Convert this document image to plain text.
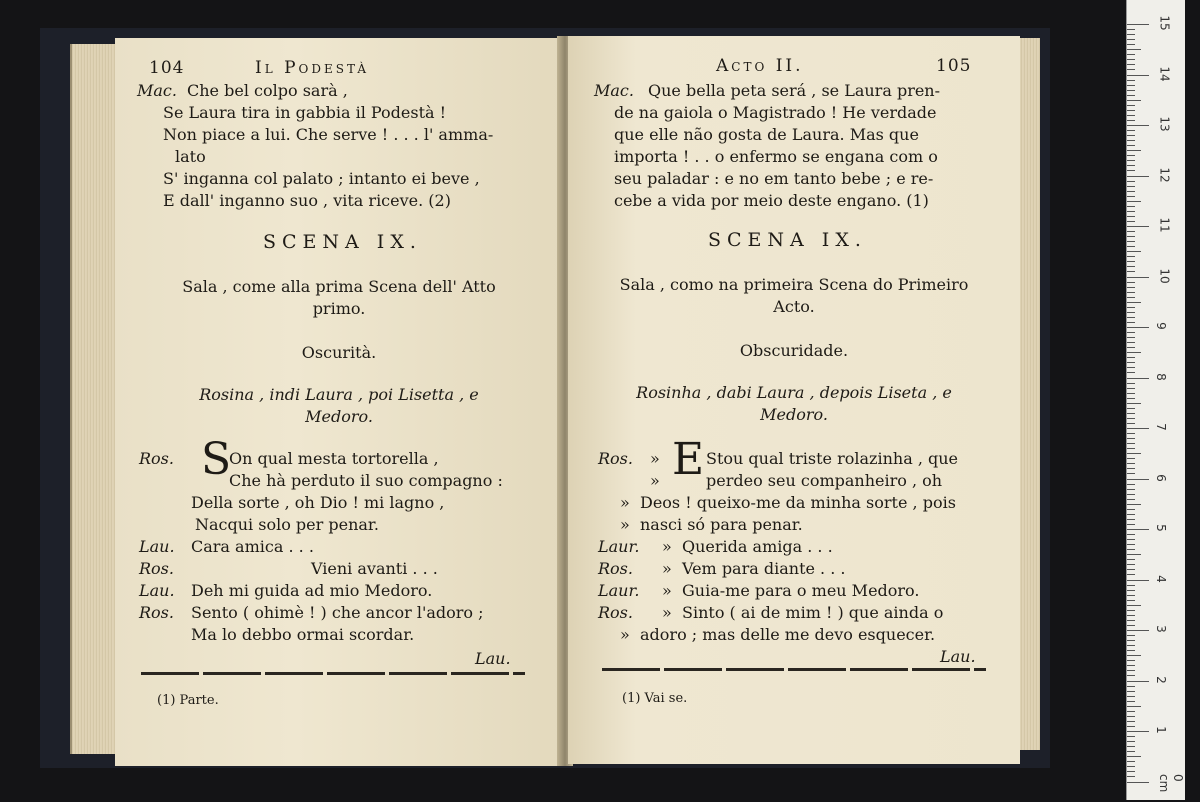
104	Il Podestà
Mac. Che bel colpo sarà ,
Se Laura tira in gabbia il Podestà !
Non piace a lui. Che serve ! . . . l' amma-
lato
S' inganna col palato ; intanto ei beve ,
E dall' inganno suo , vita riceve. (2)
SCENA IX.
Sala , come alla prima Scena dell' Atto
primo.
Oscurità.
Rosina , indi Laura , poi Lisetta , e
Medoro.
Ros. S
On qual mesta tortorella ,
Che hà perduto il suo compagno :
Della sorte , oh Dio ! mi lagno ,
Nacqui solo per penar.
Lau. Cara amica . . .
Ros.	Vieni avanti . . .
Lau. Deh mi guida ad mio Medoro.
Ros. Sento ( ohimè ! ) che ancor l'adoro ;
Ma lo debbo ormai scordar.
Lau.
(1) Parte.
Acto II.	105
Mac. Que bella peta será , se Laura pren-
de na gaiola o Magistrado ! He verdade
que elle não gosta de Laura. Mas que
importa ! . . o enfermo se engana com o
seu paladar : e no em tanto bebe ; e re-
cebe a vida por meio deste engano. (1)
SCENA IX.
Sala , como na primeira Scena do Primeiro
Acto.
Obscuridade.
Rosinha , dabi Laura , depois Liseta , e
Medoro.
Ros. » E Stou qual triste rolazinha , que
»	perdeo seu companheiro , oh
» Deos ! queixo-me da minha sorte , pois
» nasci só para penar.
Laur. » Querida amiga . . .
Ros. » Vem para diante . . .
Laur. » Guia-me para o meu Medoro.
Ros. » Sinto ( ai de mim ! ) que ainda o
» adoro ; mas delle me devo esquecer.
Lau.
(1) Vai se.
15
14
13
12
11
10
9
8
7
6
5
4
3
2
1
0 cm
